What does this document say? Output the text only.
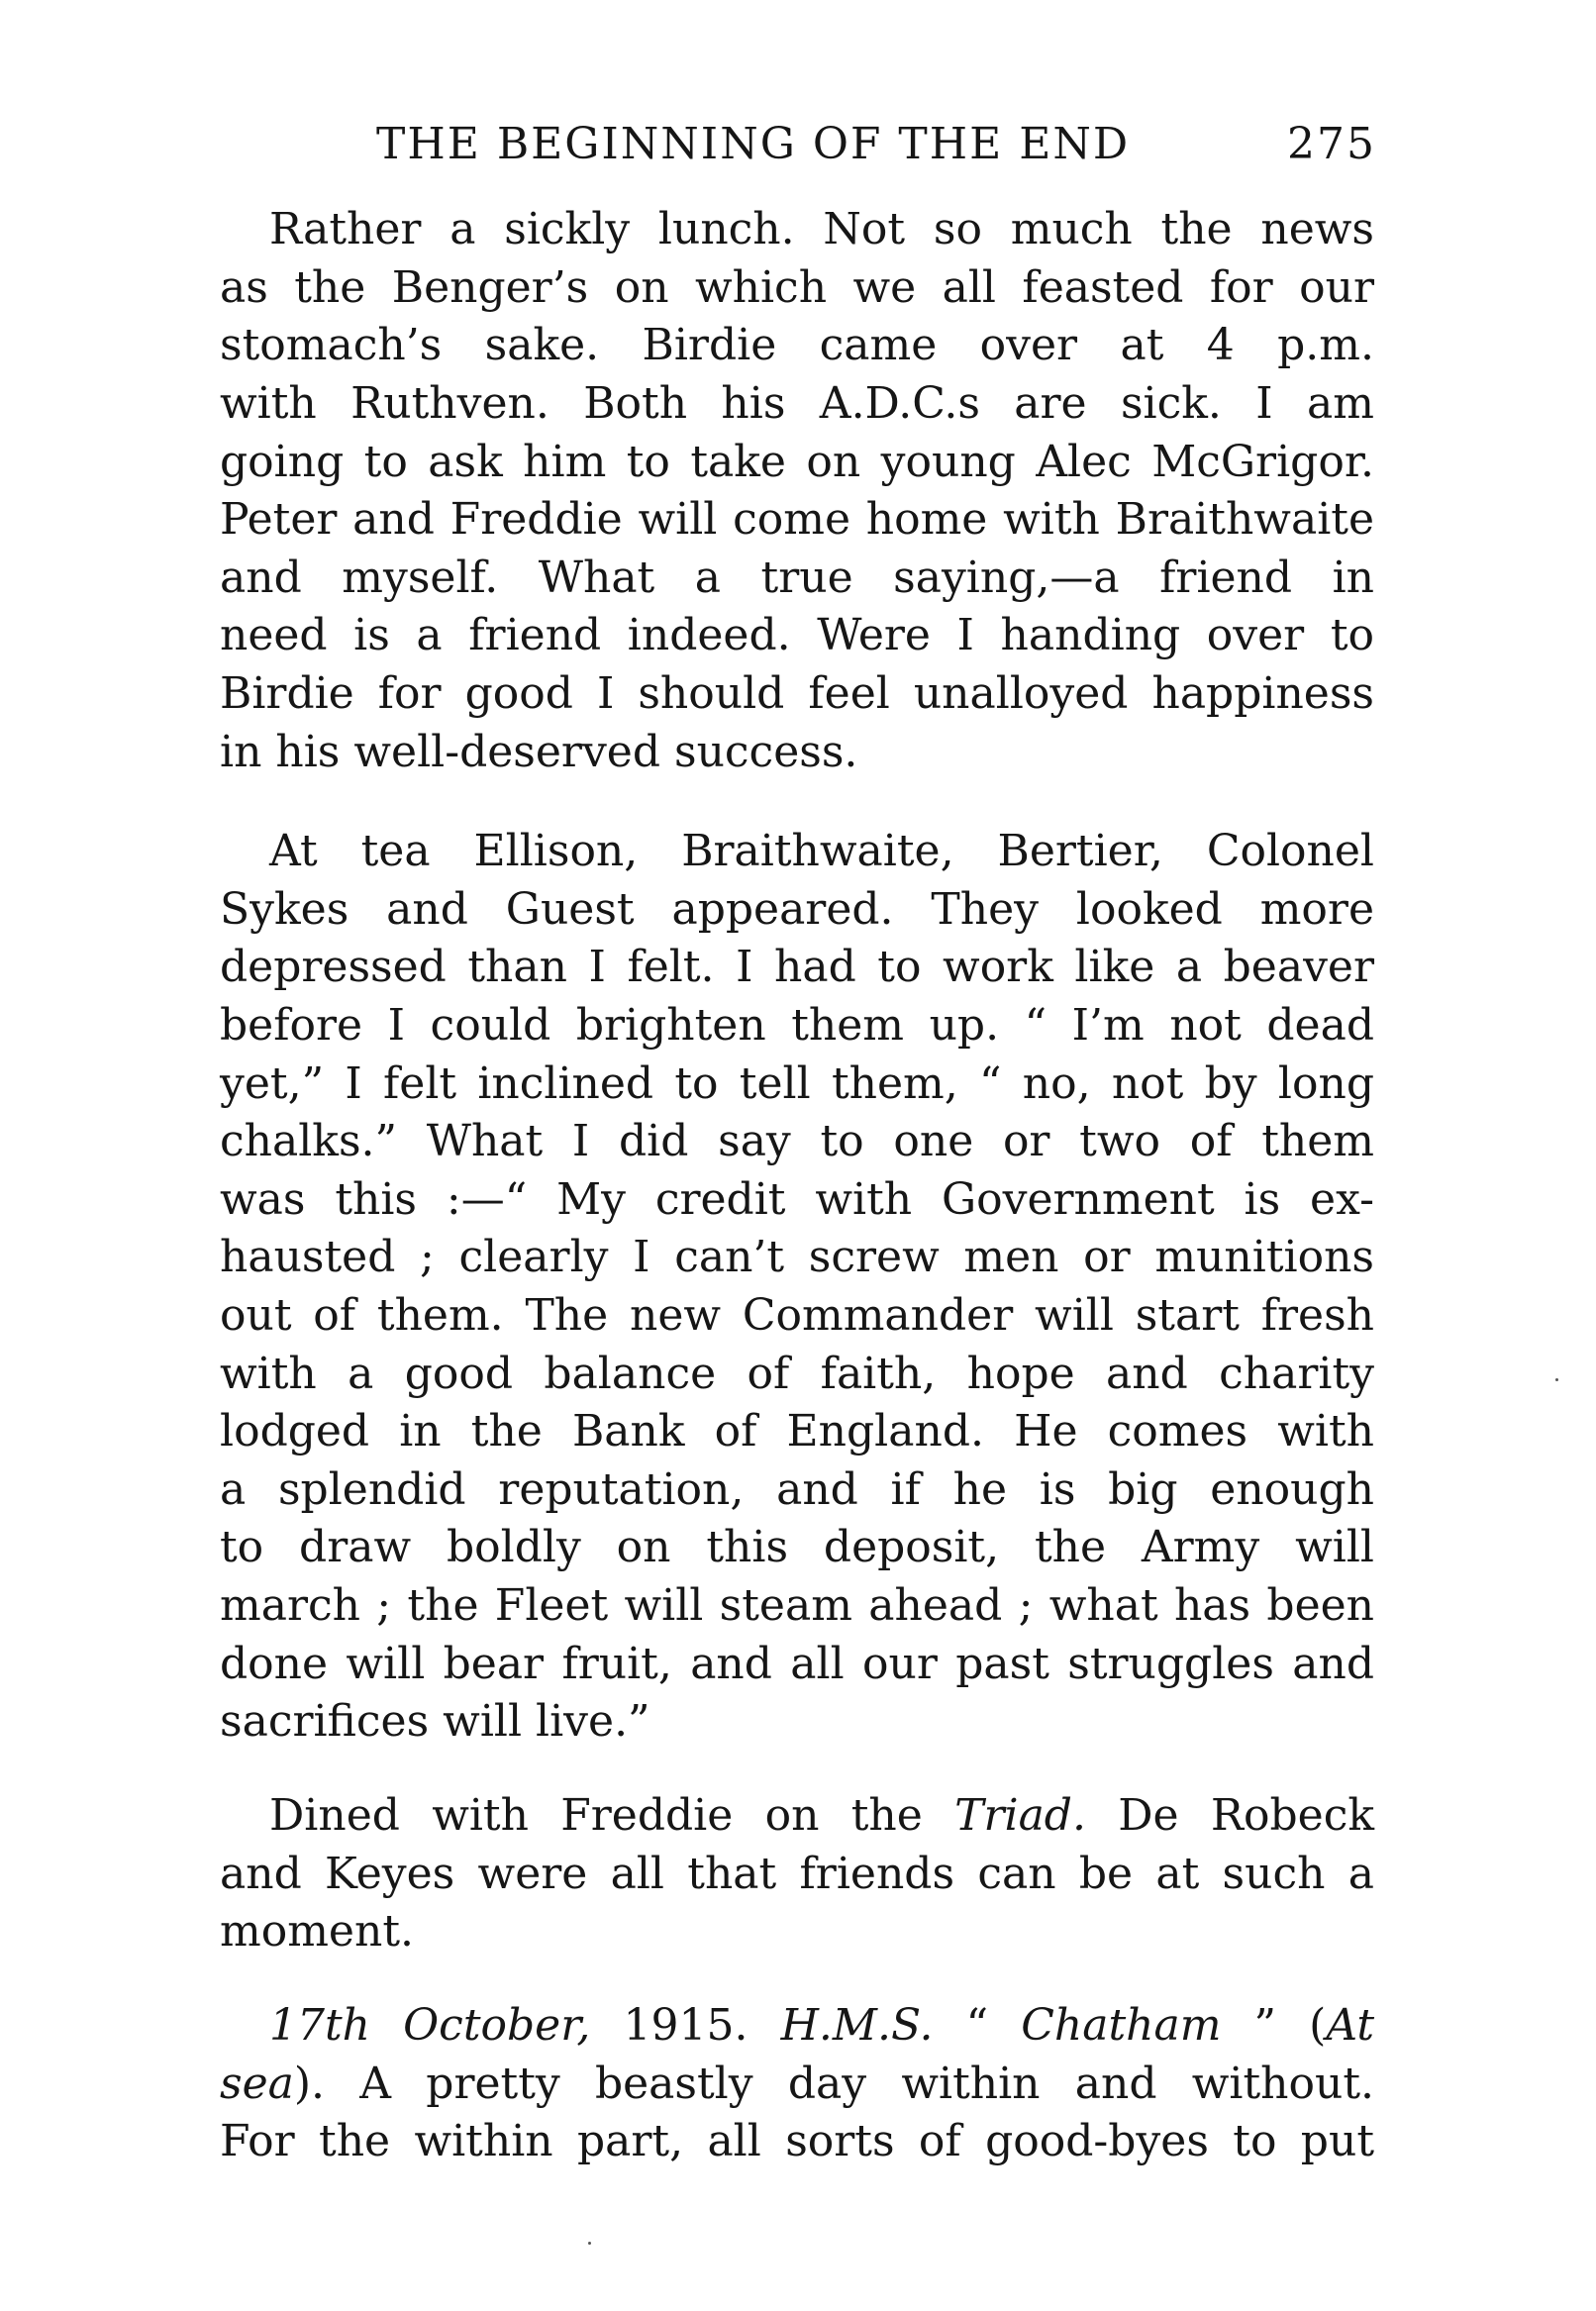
THE BEGINNING OF THE END	275
Rather a sickly lunch. Not so much the news
as the Benger’s on which we all feasted for our
stomach’s sake. Birdie came over at 4 p.m.
with Ruthven. Both his A.D.C.s are sick. I am
going to ask him to take on young Alec McGrigor.
Peter and Freddie will come home with Braithwaite
and myself. What a true saying,—a friend in
need is a friend indeed. Were I handing over to
Birdie for good I should feel unalloyed happiness
in his well-deserved success.
At tea Ellison, Braithwaite, Bertier, Colonel
Sykes and Guest appeared. They looked more
depressed than I felt. I had to work like a beaver
before I could brighten them up. “ I’m not dead
yet,” I felt inclined to tell them, “ no, not by long
chalks.” What I did say to one or two of them
was this :—“ My credit with Government is ex-
hausted ; clearly I can’t screw men or munitions
out of them. The new Commander will start fresh
with a good balance of faith, hope and charity
lodged in the Bank of England. He comes with
a splendid reputation, and if he is big enough
to draw boldly on this deposit, the Army will
march ; the Fleet will steam ahead ; what has been
done will bear fruit, and all our past struggles and
sacrifices will live.”
Dined with Freddie on the Triad. De Robeck
and Keyes were all that friends can be at such a
moment.
17th October, 1915. H.M.S. “ Chatham ” (At
sea). A pretty beastly day within and without.
For the within part, all sorts of good-byes to put
